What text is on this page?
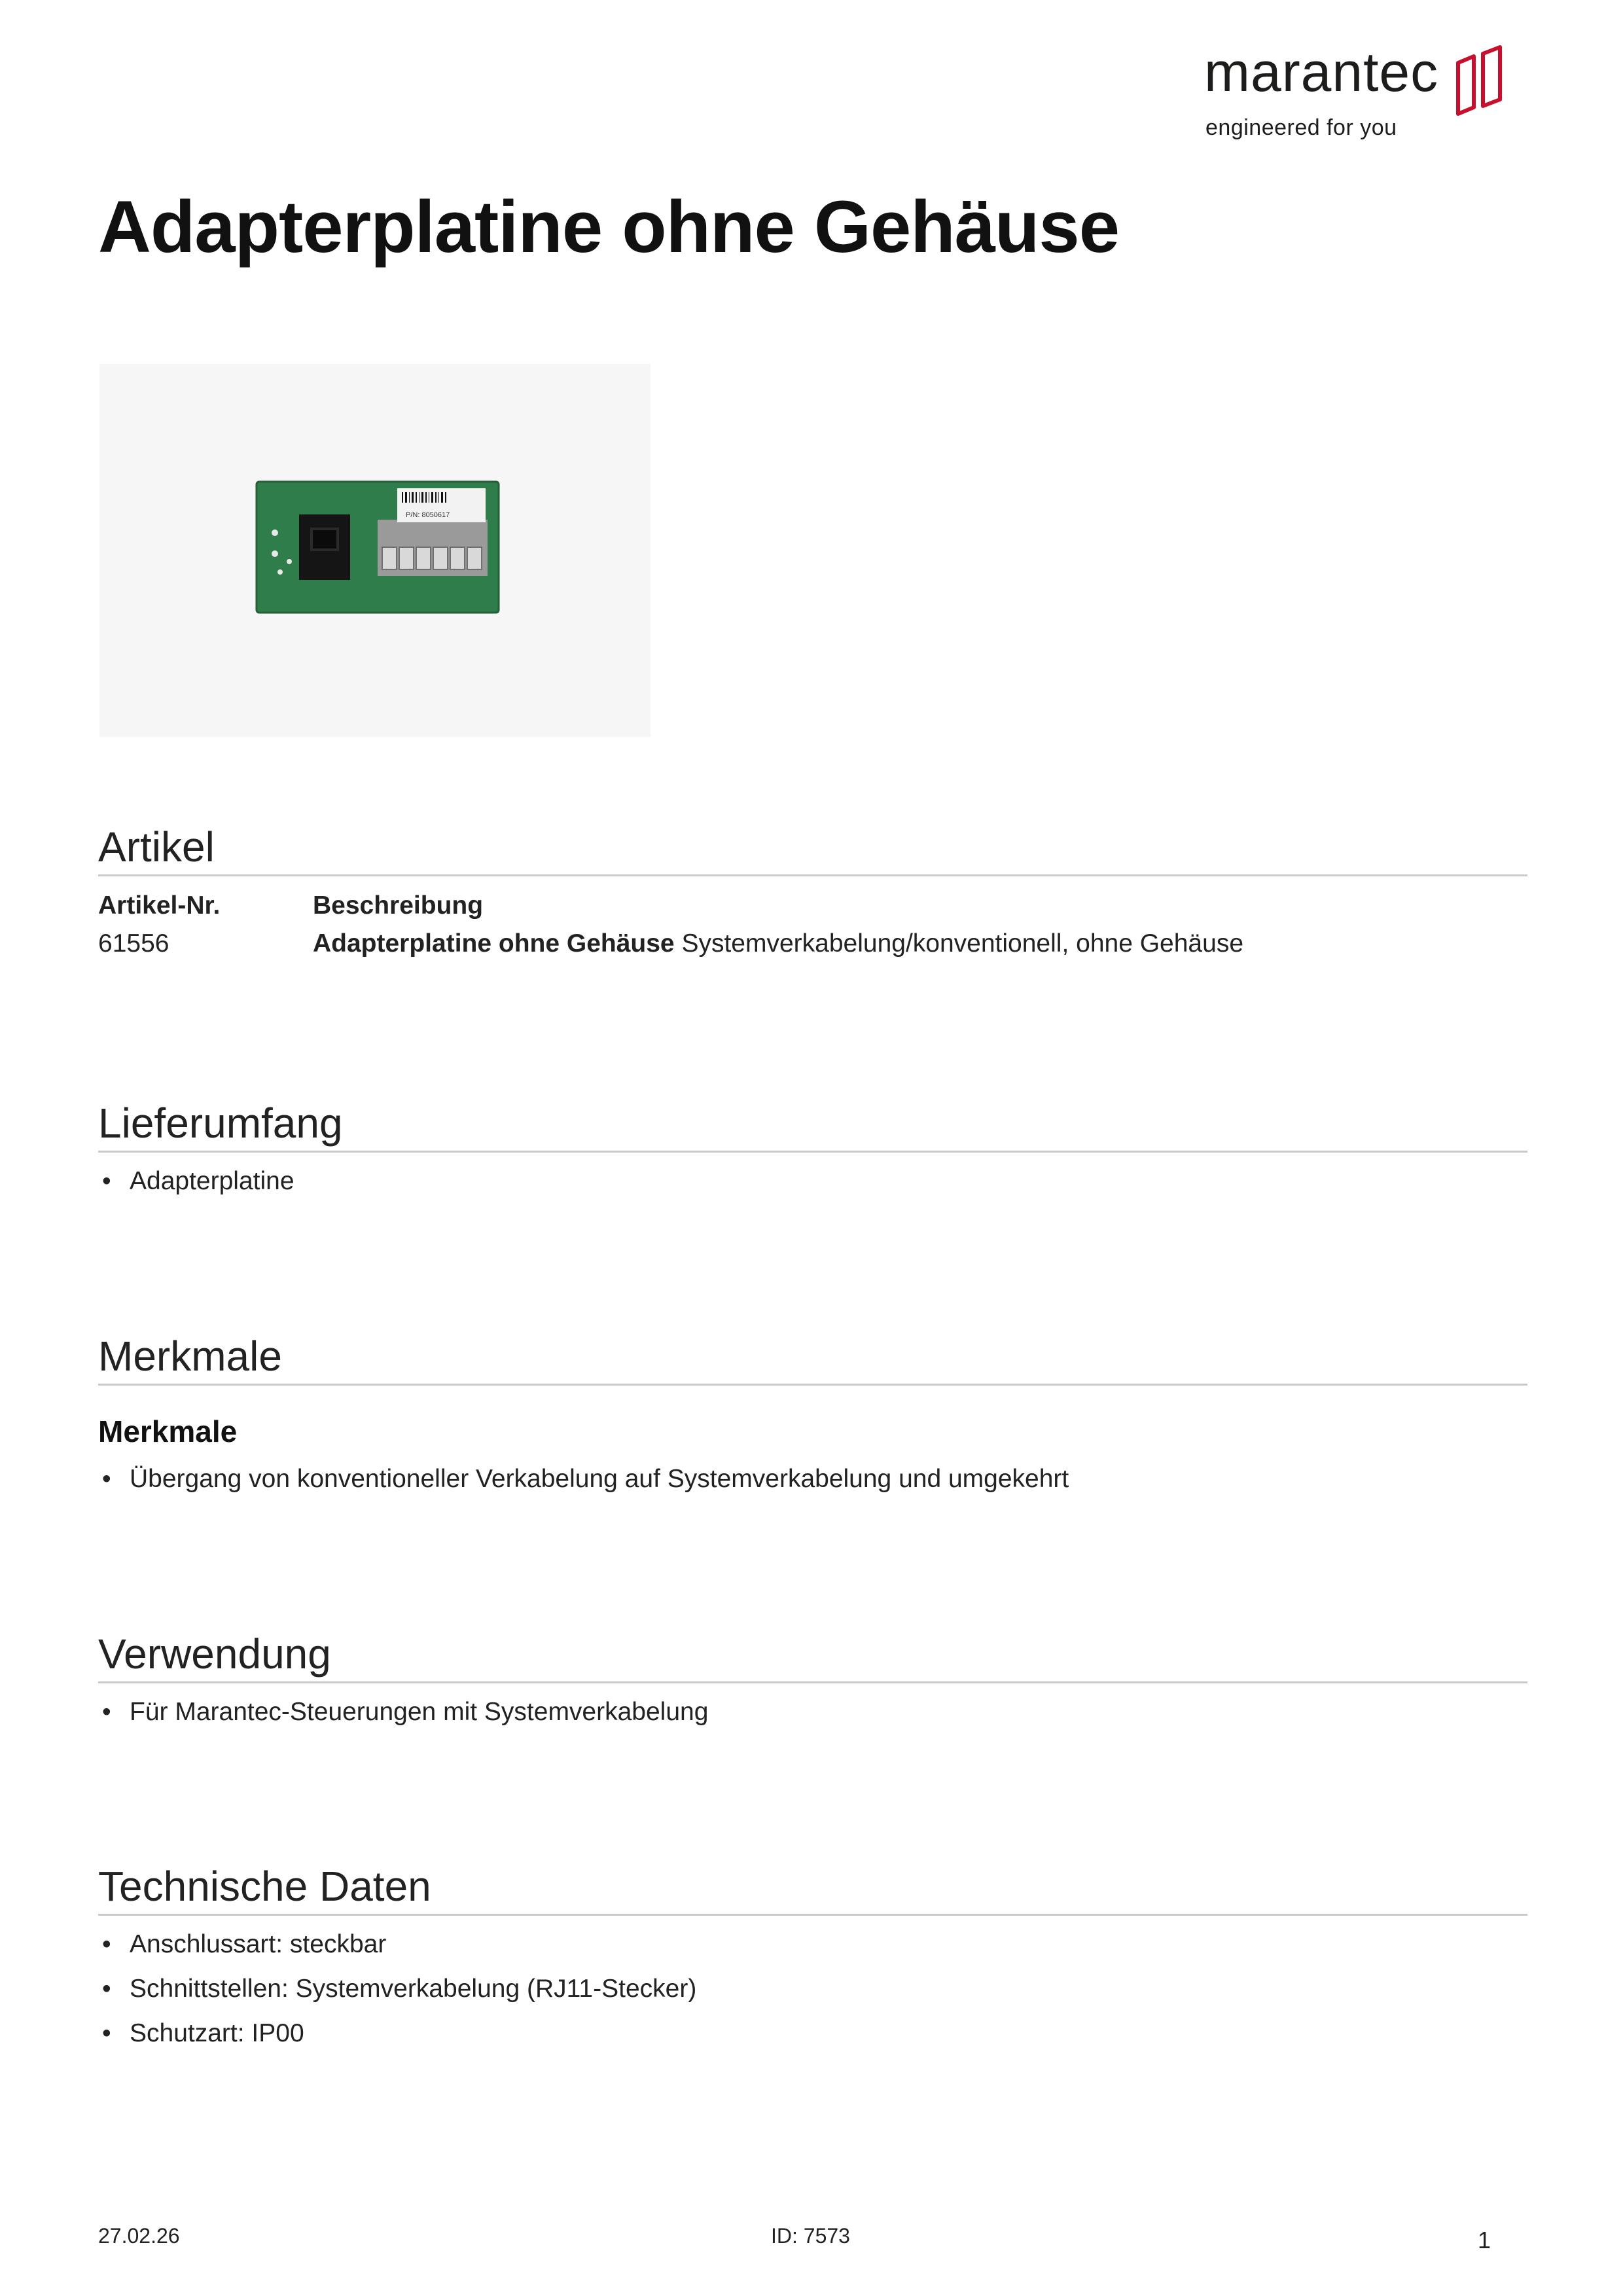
marantec
engineered for you
Adapterplatine ohne Gehäuse
P/N: 8050617
Artikel
Artikel-Nr.	Beschreibung
61556	Adapterplatine ohne Gehäuse Systemverkabelung/konventionell, ohne Gehäuse
Lieferumfang
• Adapterplatine
Merkmale
Merkmale
• Übergang von konventioneller Verkabelung auf Systemverkabelung und umgekehrt
Verwendung
• Für Marantec-Steuerungen mit Systemverkabelung
Technische Daten
• Anschlussart: steckbar
• Schnittstellen: Systemverkabelung (RJ11-Stecker)
• Schutzart: IP00
27.02.26	ID: 7573	1
